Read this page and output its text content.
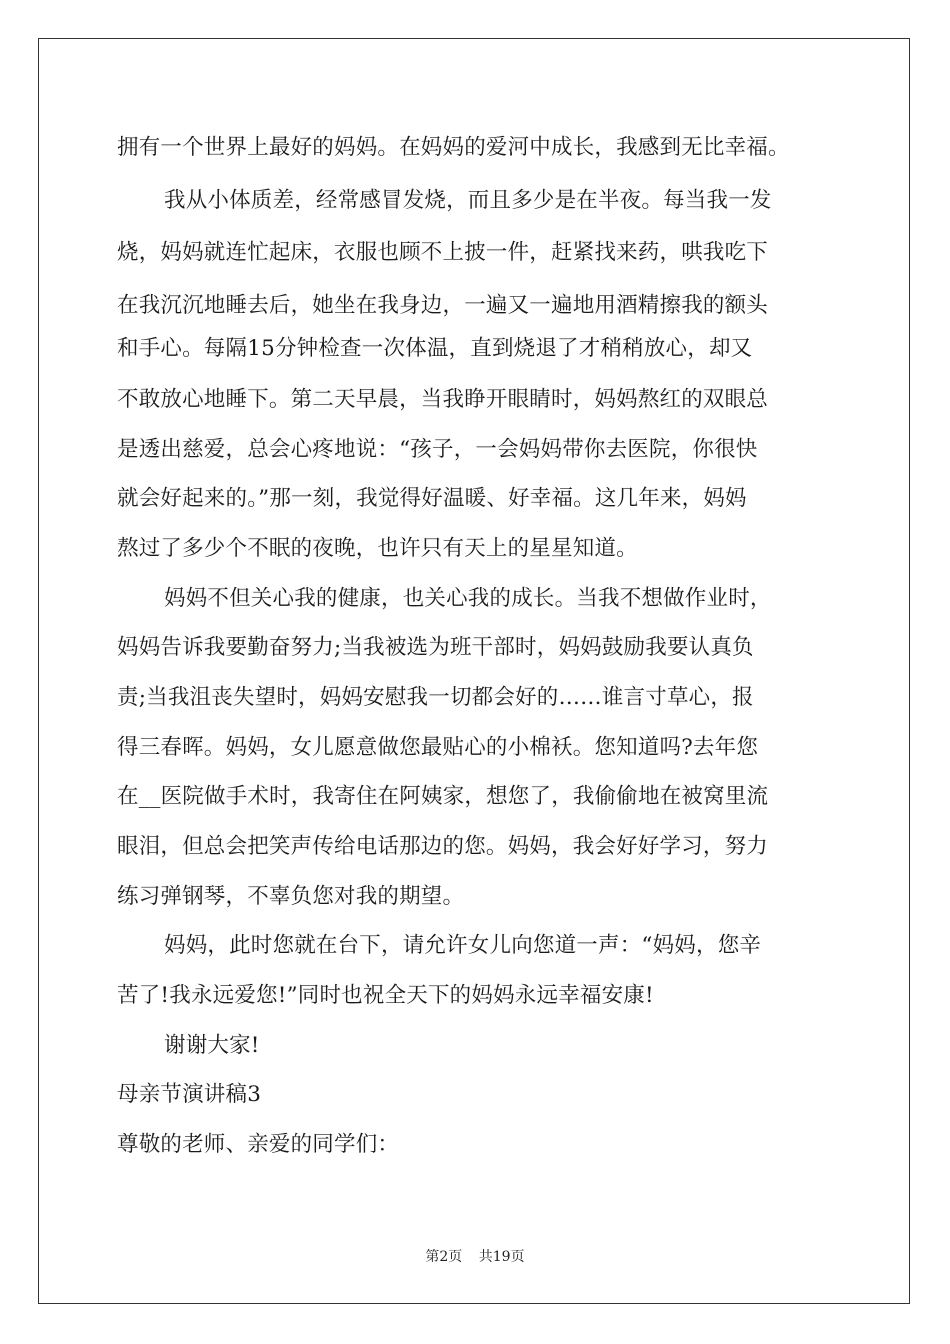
拥有一个世界上最好的妈妈。在妈妈的爱河中成长，我感到无比幸福。
我从小体质差，经常感冒发烧，而且多少是在半夜。每当我一发
烧，妈妈就连忙起床，衣服也顾不上披一件，赶紧找来药，哄我吃下
在我沉沉地睡去后，她坐在我身边，一遍又一遍地用酒精擦我的额头
和手心。每隔15分钟检查一次体温，直到烧退了才稍稍放心，却又
不敢放心地睡下。第二天早晨，当我睁开眼睛时，妈妈熬红的双眼总
是透出慈爱，总会心疼地说：“孩子，一会妈妈带你去医院，你很快
就会好起来的。”那一刻，我觉得好温暖、好幸福。这几年来，妈妈
熬过了多少个不眠的夜晚，也许只有天上的星星知道。
妈妈不但关心我的健康，也关心我的成长。当我不想做作业时，
妈妈告诉我要勤奋努力;当我被选为班干部时，妈妈鼓励我要认真负
责;当我沮丧失望时，妈妈安慰我一切都会好的……谁言寸草心，报
得三春晖。妈妈，女儿愿意做您最贴心的小棉袄。您知道吗?去年您
在__医院做手术时，我寄住在阿姨家，想您了，我偷偷地在被窝里流
眼泪，但总会把笑声传给电话那边的您。妈妈，我会好好学习，努力
练习弹钢琴，不辜负您对我的期望。
妈妈，此时您就在台下，请允许女儿向您道一声：“妈妈，您辛
苦了!我永远爱您!”同时也祝全天下的妈妈永远幸福安康!
谢谢大家!
母亲节演讲稿3
尊敬的老师、亲爱的同学们：
第2页 共19页
